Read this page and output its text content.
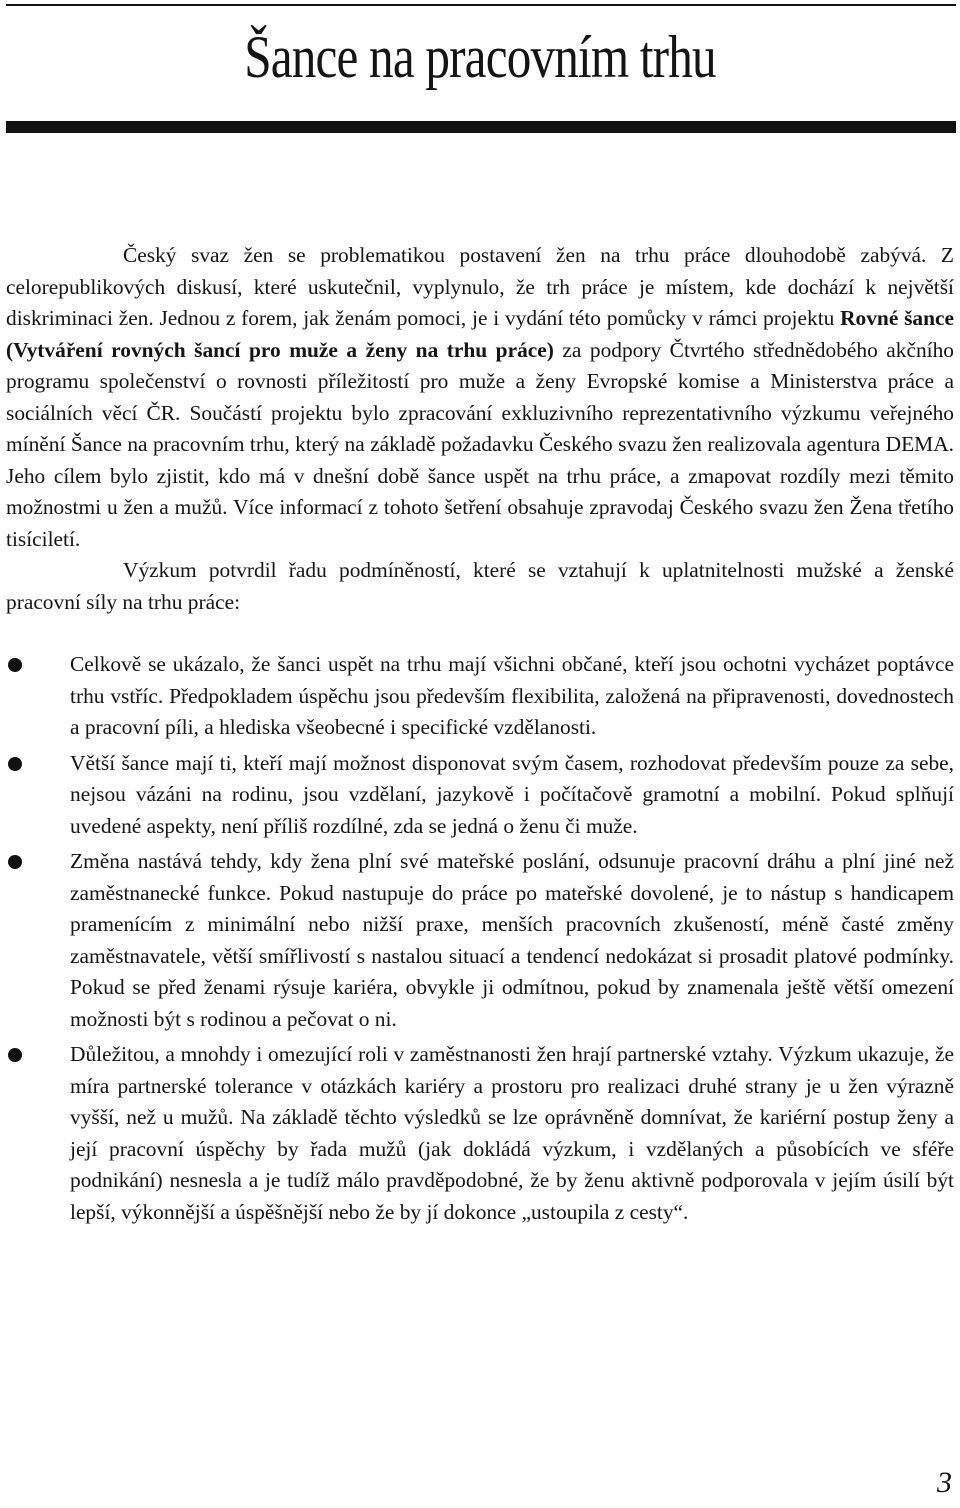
Šance na pracovním trhu

Český svaz žen se problematikou postavení žen na trhu práce dlouhodobě zabývá. Z celorepublikových diskusí, které uskutečnil, vyplynulo, že trh práce je místem, kde dochází k největší diskriminaci žen. Jednou z forem, jak ženám pomoci, je i vydání této pomůcky v rámci projektu Rovné šance (Vytváření rovných šancí pro muže a ženy na trhu práce) za podpory Čtvrtého střednědobého akčního programu společenství o rovnosti příležitostí pro muže a ženy Evropské komise a Ministerstva práce a sociálních věcí ČR. Součástí projektu bylo zpracování exkluzivního reprezentativního výzkumu veřejného mínění Šance na pracovním trhu, který na základě požadavku Českého svazu žen realizovala agentura DEMA. Jeho cílem bylo zjistit, kdo má v dnešní době šance uspět na trhu práce, a zmapovat rozdíly mezi těmito možnostmi u žen a mužů. Více informací z tohoto šetření obsahuje zpravodaj Českého svazu žen Žena třetího tisíciletí.

Výzkum potvrdil řadu podmíněností, které se vztahují k uplatnitelnosti mužské a ženské pracovní síly na trhu práce:

Celkově se ukázalo, že šanci uspět na trhu mají všichni občané, kteří jsou ochotni vycházet poptávce trhu vstříc. Předpokladem úspěchu jsou především flexibilita, založená na připravenosti, dovednostech a pracovní píli, a hlediska všeobecné i specifické vzdělanosti.
Větší šance mají ti, kteří mají možnost disponovat svým časem, rozhodovat především pouze za sebe, nejsou vázáni na rodinu, jsou vzdělaní, jazykově i počítačově gramotní a mobilní. Pokud splňují uvedené aspekty, není příliš rozdílné, zda se jedná o ženu či muže.
Změna nastává tehdy, kdy žena plní své mateřské poslání, odsunuje pracovní dráhu a plní jiné než zaměstnanecké funkce. Pokud nastupuje do práce po mateřské dovolené, je to nástup s handicapem pramenícím z minimální nebo nižší praxe, menších pracovních zkušeností, méně časté změny zaměstnavatele, větší smířlivostí s nastalou situací a tendencí nedokázat si prosadit platové podmínky. Pokud se před ženami rýsuje kariéra, obvykle ji odmítnou, pokud by znamenala ještě větší omezení možnosti být s rodinou a pečovat o ni.
Důležitou, a mnohdy i omezující roli v zaměstnanosti žen hrají partnerské vztahy. Výzkum ukazuje, že míra partnerské tolerance v otázkách kariéry a prostoru pro realizaci druhé strany je u žen výrazně vyšší, než u mužů. Na základě těchto výsledků se lze oprávněně domnívat, že kariérní postup ženy a její pracovní úspěchy by řada mužů (jak dokládá výzkum, i vzdělaných a působících ve sféře podnikání) nesnesla a je tudíž málo pravděpodobné, že by ženu aktivně podporovala v jejím úsilí být lepší, výkonnější a úspěšnější nebo že by jí dokonce „ustoupila z cesty“.
3
